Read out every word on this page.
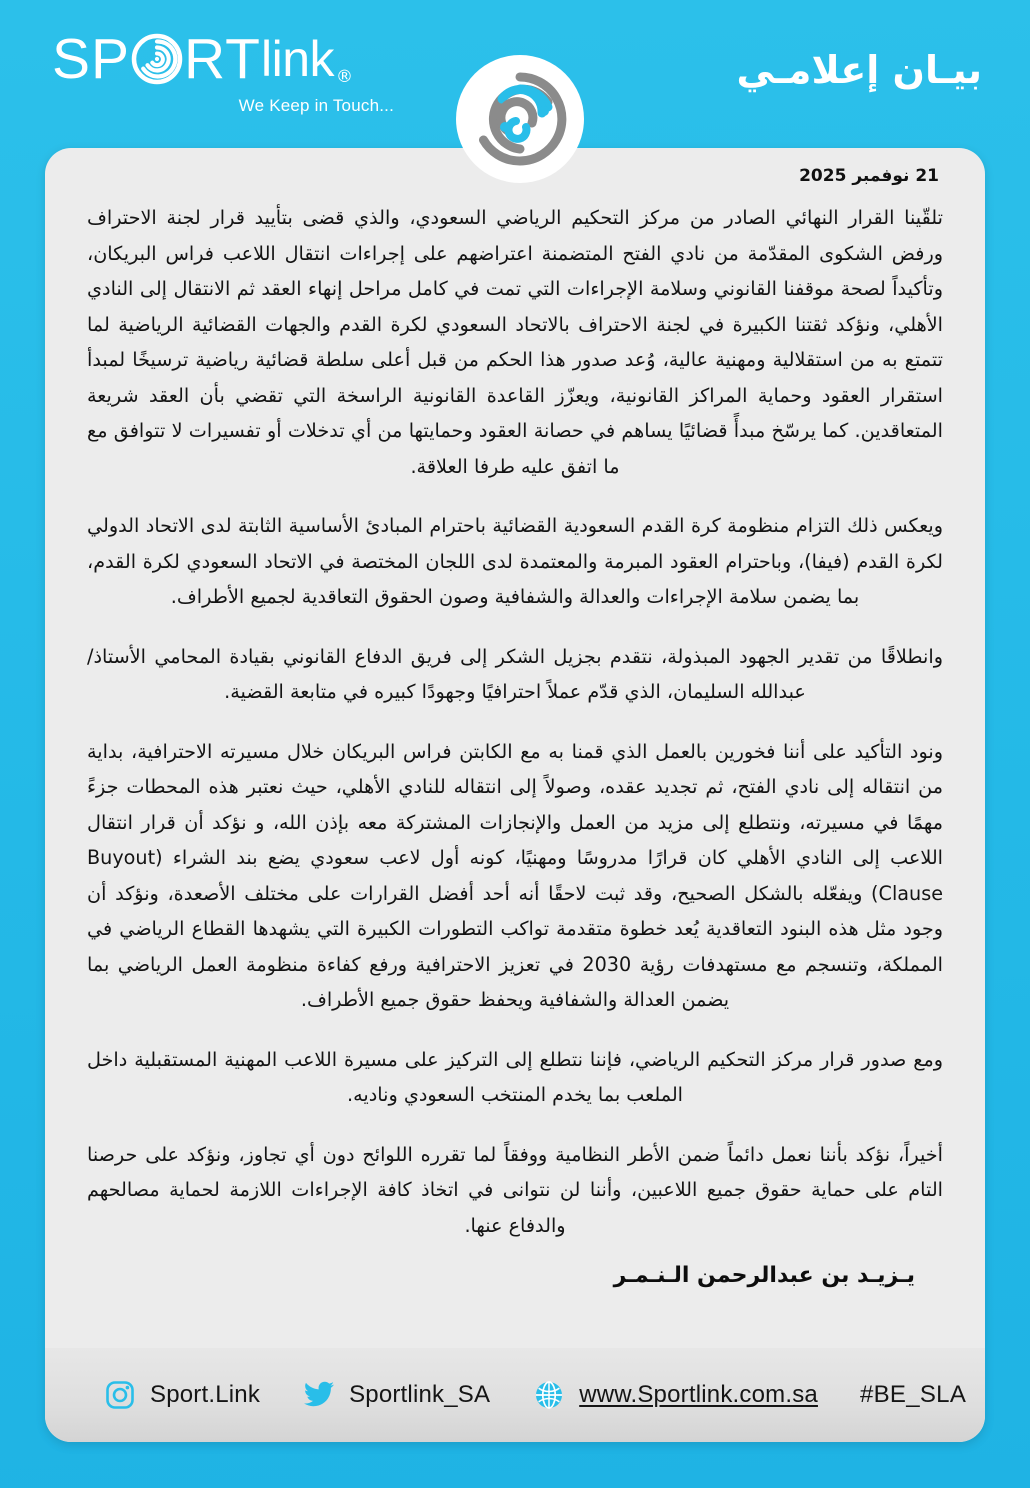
SP RT link ®
We Keep in Touch...
بيـان إعلامـي
21 نوفمبر 2025

تلقّينا القرار النهائي الصادر من مركز التحكيم الرياضي السعودي، والذي قضى بتأييد قرار لجنة الاحتراف ورفض الشكوى المقدّمة من نادي الفتح المتضمنة اعتراضهم على إجراءات انتقال اللاعب فراس البريكان، وتأكيداً لصحة موقفنا القانوني وسلامة الإجراءات التي تمت في كامل مراحل إنهاء العقد ثم الانتقال إلى النادي الأهلي، ونؤكد ثقتنا الكبيرة في لجنة الاحتراف بالاتحاد السعودي لكرة القدم والجهات القضائية الرياضية لما تتمتع به من استقلالية ومهنية عالية، وُعد صدور هذا الحكم من قبل أعلى سلطة قضائية رياضية ترسيخًا لمبدأ استقرار العقود وحماية المراكز القانونية، ويعزّز القاعدة القانونية الراسخة التي تقضي بأن العقد شريعة المتعاقدين. كما يرسّخ مبدأً قضائيًا يساهم في حصانة العقود وحمايتها من أي تدخلات أو تفسيرات لا تتوافق مع ما اتفق عليه طرفا العلاقة.

ويعكس ذلك التزام منظومة كرة القدم السعودية القضائية باحترام المبادئ الأساسية الثابتة لدى الاتحاد الدولي لكرة القدم (فيفا)، وباحترام العقود المبرمة والمعتمدة لدى اللجان المختصة في الاتحاد السعودي لكرة القدم، بما يضمن سلامة الإجراءات والعدالة والشفافية وصون الحقوق التعاقدية لجميع الأطراف.

وانطلاقًا من تقدير الجهود المبذولة، نتقدم بجزيل الشكر إلى فريق الدفاع القانوني بقيادة المحامي الأستاذ/ عبدالله السليمان، الذي قدّم عملاً احترافيًا وجهودًا كبيره في متابعة القضية.

ونود التأكيد على أننا فخورين بالعمل الذي قمنا به مع الكابتن فراس البريكان خلال مسيرته الاحترافية، بداية من انتقاله إلى نادي الفتح، ثم تجديد عقده، وصولاً إلى انتقاله للنادي الأهلي، حيث نعتبر هذه المحطات جزءً مهمًا في مسيرته، ونتطلع إلى مزيد من العمل والإنجازات المشتركة معه بإذن الله، و نؤكد أن قرار انتقال اللاعب إلى النادي الأهلي كان قرارًا مدروسًا ومهنيًا، كونه أول لاعب سعودي يضع بند الشراء (Buyout Clause) ويفعّله بالشكل الصحيح، وقد ثبت لاحقًا أنه أحد أفضل القرارات على مختلف الأصعدة، ونؤكد أن وجود مثل هذه البنود التعاقدية يُعد خطوة متقدمة تواكب التطورات الكبيرة التي يشهدها القطاع الرياضي في المملكة، وتنسجم مع مستهدفات رؤية 2030 في تعزيز الاحترافية ورفع كفاءة منظومة العمل الرياضي بما يضمن العدالة والشفافية ويحفظ حقوق جميع الأطراف.

ومع صدور قرار مركز التحكيم الرياضي، فإننا نتطلع إلى التركيز على مسيرة اللاعب المهنية المستقبلية داخل الملعب بما يخدم المنتخب السعودي وناديه.

أخيراً، نؤكد بأننا نعمل دائماً ضمن الأطر النظامية ووفقاً لما تقرره اللوائح دون أي تجاوز، ونؤكد على حرصنا التام على حماية حقوق جميع اللاعبين، وأننا لن نتوانى في اتخاذ كافة الإجراءات اللازمة لحماية مصالحهم والدفاع عنها.

يـزيـد بن عبدالرحمن الـنـمـر
Sport.Link	Sportlink_SA	www.Sportlink.com.sa #BE_SLA
